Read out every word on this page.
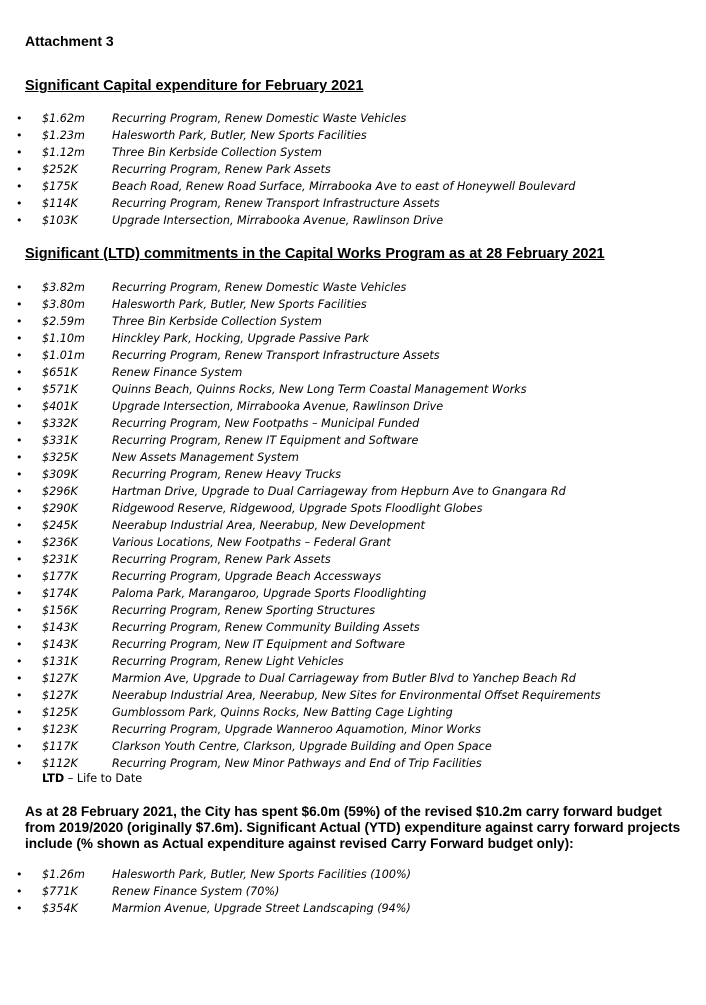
Attachment 3
Significant Capital expenditure for February 2021
• $1.62m Recurring Program, Renew Domestic Waste Vehicles
• $1.23m Halesworth Park, Butler, New Sports Facilities
• $1.12m Three Bin Kerbside Collection System
• $252K	Recurring Program, Renew Park Assets
• $175K	Beach Road, Renew Road Surface, Mirrabooka Ave to east of Honeywell Boulevard
• $114K	Recurring Program, Renew Transport Infrastructure Assets
• $103K	Upgrade Intersection, Mirrabooka Avenue, Rawlinson Drive
Significant (LTD) commitments in the Capital Works Program as at 28 February 2021
• $3.82m Recurring Program, Renew Domestic Waste Vehicles
• $3.80m Halesworth Park, Butler, New Sports Facilities
• $2.59m Three Bin Kerbside Collection System
• $1.10m Hinckley Park, Hocking, Upgrade Passive Park
• $1.01m Recurring Program, Renew Transport Infrastructure Assets
• $651K	Renew Finance System
• $571K	Quinns Beach, Quinns Rocks, New Long Term Coastal Management Works
• $401K	Upgrade Intersection, Mirrabooka Avenue, Rawlinson Drive
• $332K	Recurring Program, New Footpaths – Municipal Funded
• $331K	Recurring Program, Renew IT Equipment and Software
• $325K	New Assets Management System
• $309K	Recurring Program, Renew Heavy Trucks
• $296K	Hartman Drive, Upgrade to Dual Carriageway from Hepburn Ave to Gnangara Rd
• $290K	Ridgewood Reserve, Ridgewood, Upgrade Spots Floodlight Globes
• $245K	Neerabup Industrial Area, Neerabup, New Development
• $236K	Various Locations, New Footpaths – Federal Grant
• $231K	Recurring Program, Renew Park Assets
• $177K	Recurring Program, Upgrade Beach Accessways
• $174K	Paloma Park, Marangaroo, Upgrade Sports Floodlighting
• $156K	Recurring Program, Renew Sporting Structures
• $143K	Recurring Program, Renew Community Building Assets
• $143K	Recurring Program, New IT Equipment and Software
• $131K	Recurring Program, Renew Light Vehicles
• $127K	Marmion Ave, Upgrade to Dual Carriageway from Butler Blvd to Yanchep Beach Rd
• $127K	Neerabup Industrial Area, Neerabup, New Sites for Environmental Offset Requirements
• $125K	Gumblossom Park, Quinns Rocks, New Batting Cage Lighting
• $123K	Recurring Program, Upgrade Wanneroo Aquamotion, Minor Works
• $117K	Clarkson Youth Centre, Clarkson, Upgrade Building and Open Space
• $112K	Recurring Program, New Minor Pathways and End of Trip Facilities
LTD – Life to Date
As at 28 February 2021, the City has spent $6.0m (59%) of the revised $10.2m carry forward budget from 2019/2020 (originally $7.6m). Significant Actual (YTD) expenditure against carry forward projects include (% shown as Actual expenditure against revised Carry Forward budget only):
• $1.26m Halesworth Park, Butler, New Sports Facilities (100%)
• $771K	Renew Finance System (70%)
• $354K	Marmion Avenue, Upgrade Street Landscaping (94%)
